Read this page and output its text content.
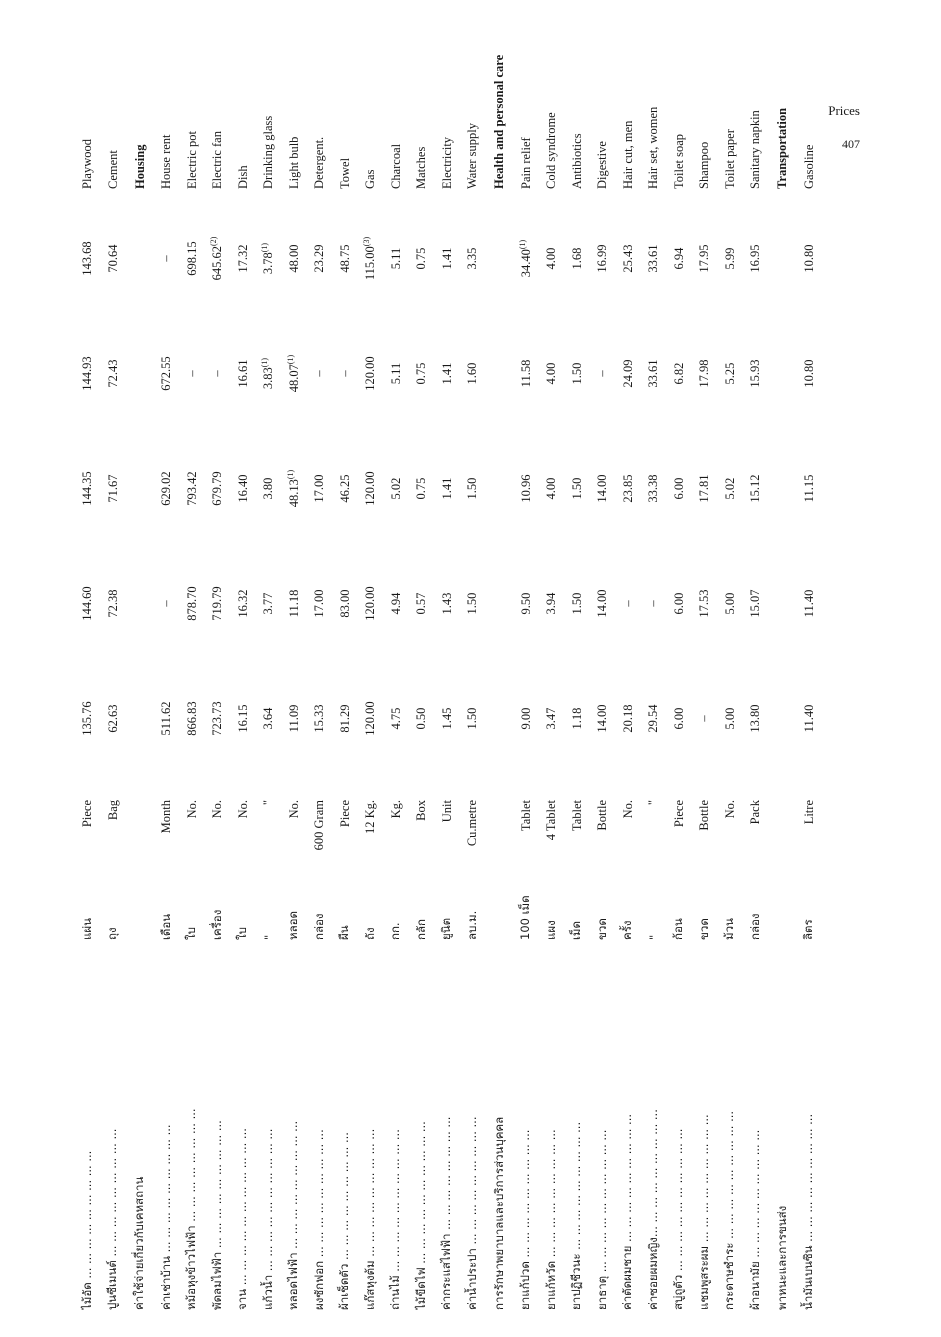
Prices
407
ไม้อัด ... ... ... ... ... ... ... ... ...	แผ่น	Piece	135.76	144.60	144.35	144.93	143.68	Playwood
ปูนซีเมนต์ ... ... ... ... ... ... ... ... ...	ถุง	Bag	62.63	72.38	71.67	72.43	70.64	Cement
ค่าใช้จ่ายเกี่ยวกับเคหสถาน								Housing
ค่าเช่าบ้าน ... ... ... ... ... ... ... ... ...	เดือน	Month	511.62	–	629.02	672.55	–	House rent
หม้อหุงข้าวไฟฟ้า ... ... ... ... ... ... ... ...	ใบ	No.	866.83	878.70	793.42	–	698.15	Electric pot
พัดลมไฟฟ้า ... ... ... ... ... ... ... ... ...	เครื่อง	No.	723.73	719.79	679.79	–	645.62$^{(2)}$	Electric fan
จาน ... ... ... ... ... ... ... ... ... ... ...	ใบ	No.	16.15	16.32	16.40	16.61	17.32	Dish
แก้วน้ำ ... ... ... ... ... ... ... ... ... ...	"	"	3.64	3.77	3.80	3.83$^{(1)}$	3.78$^{(1)}$	Drinking glass
หลอดไฟฟ้า ... ... ... ... ... ... ... ... ...	หลอด	No.	11.09	11.18	48.13$^{(1)}$	48.07$^{(1)}$	48.00	Light bulb
ผงซักฟอก ... ... ... ... ... ... ... ... ...	กล่อง	600 Gram	15.33	17.00	17.00	–	23.29	Detergent.
ผ้าเช็ดตัว ... ... ... ... ... ... ... ... ...	ผืน	Piece	81.29	83.00	46.25	–	48.75	Towel
แก๊สหุงต้ม ... ... ... ... ... ... ... ... ...	ถัง	12 Kg.	120.00	120.00	120.00	120.00	115.00$^{(3)}$	Gas
ถ่านไม้ ... ... ... ... ... ... ... ... ... ...	กก.	Kg.	4.75	4.94	5.02	5.11	5.11	Charcoal
ไม้ขีดไฟ ... ... ... ... ... ... ... ... ... ...	กลัก	Box	0.50	0.57	0.75	0.75	0.75	Matches
ค่ากระแสไฟฟ้า ... ... ... ... ... ... ... ...	ยูนิต	Unit	1.45	1.43	1.41	1.41	1.41	Electricity
ค่าน้ำประปา ... ... ... ... ... ... ... ... ...	ลบ.ม.	Cu.metre	1.50	1.50	1.50	1.60	3.35	Water supply
การรักษาพยาบาลและบริการส่วนบุคคล								Health and personal care
ยาแก้ปวด ... ... ... ... ... ... ... ... ...	100 เม็ด	Tablet	9.00	9.50	10.96	11.58	34.40$^{(1)}$	Pain relief
ยาแก้หวัด ... ... ... ... ... ... ... ... ...	แผง	4 Tablet	3.47	3.94	4.00	4.00	4.00	Cold syndrome
ยาปฏิชีวนะ ... ... ... ... ... ... ... ... ...	เม็ด	Tablet	1.18	1.50	1.50	1.50	1.68	Antibiotics
ยาธาตุ ... ... ... ... ... ... ... ... ... ...	ขวด	Bottle	14.00	14.00	14.00	–	16.99	Digestive
ค่าตัดผมชาย ... ... ... ... ... ... ... ... ...	ครั้ง	No.	20.18	–	23.85	24.09	25.43	Hair cut, men
ค่าซอยผมหญิง... ... ... ... ... ... ... ... ...	"	"	29.54	–	33.38	33.61	33.61	Hair set, women
สบู่ถูตัว ... ... ... ... ... ... ... ... ... ...	ก้อน	Piece	6.00	6.00	6.00	6.82	6.94	Toilet soap
แชมพูสระผม ... ... ... ... ... ... ... ... ...	ขวด	Bottle	–	17.53	17.81	17.98	17.95	Shampoo
กระดาษชำระ ... ... ... ... ... ... ... ... ...	ม้วน	No.	5.00	5.00	5.02	5.25	5.99	Toilet paper
ผ้าอนามัย ... ... ... ... ... ... ... ... ...	กล่อง	Pack	13.80	15.07	15.12	15.93	16.95	Sanitary napkin
พาหนะและการขนส่ง								Transportation
น้ำมันเบนซิน ... ... ... ... ... ... ... ... ...	ลิตร	Litre	11.40	11.40	11.15	10.80	10.80	Gasoline
